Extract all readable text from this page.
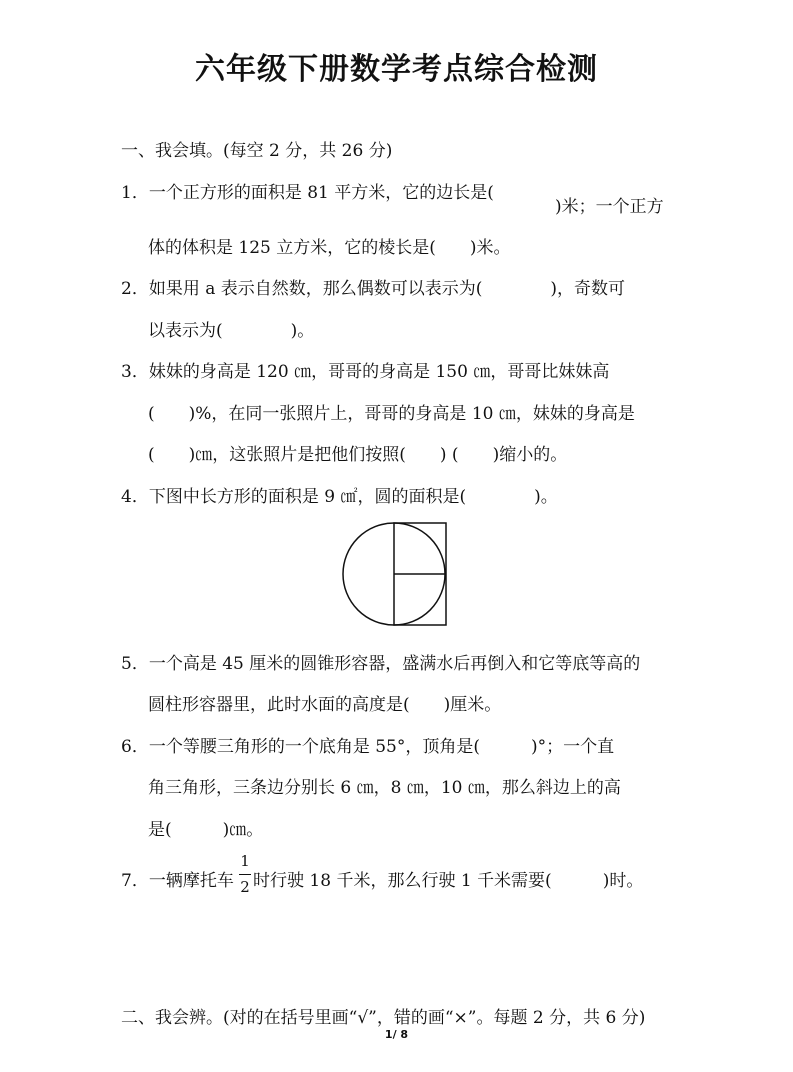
六年级下册数学考点综合检测
一、我会填。(每空 2 分，共 26 分)
1．一个正方形的面积是 81 平方米，它的边长是(
)米；一个正方
体的体积是 125 立方米，它的棱长是(　　)米。
2．如果用 a 表示自然数，那么偶数可以表示为(　　　　)，奇数可
以表示为(　　　　)。
3．妹妹的身高是 120 ㎝，哥哥的身高是 150 ㎝，哥哥比妹妹高
(　　)%，在同一张照片上，哥哥的身高是 10 ㎝，妹妹的身高是
(　　)㎝，这张照片是把他们按照(　　) (　　)缩小的。
4．下图中长方形的面积是 9 ㎠，圆的面积是(　　　　)。
5．一个高是 45 厘米的圆锥形容器，盛满水后再倒入和它等底等高的
圆柱形容器里，此时水面的高度是(　　)厘米。
6．一个等腰三角形的一个底角是 55°，顶角是(　　　)°；一个直
角三角形，三条边分别长 6 ㎝，8 ㎝，10 ㎝，那么斜边上的高
是(　　　)㎝。
7．一辆摩托车
1
2 时行驶 18 千米，那么行驶 1 千米需要(　　　)时。
二、我会辨。(对的在括号里画“√”，错的画“×”。每题 2 分，共 6 分)
1/ 8
